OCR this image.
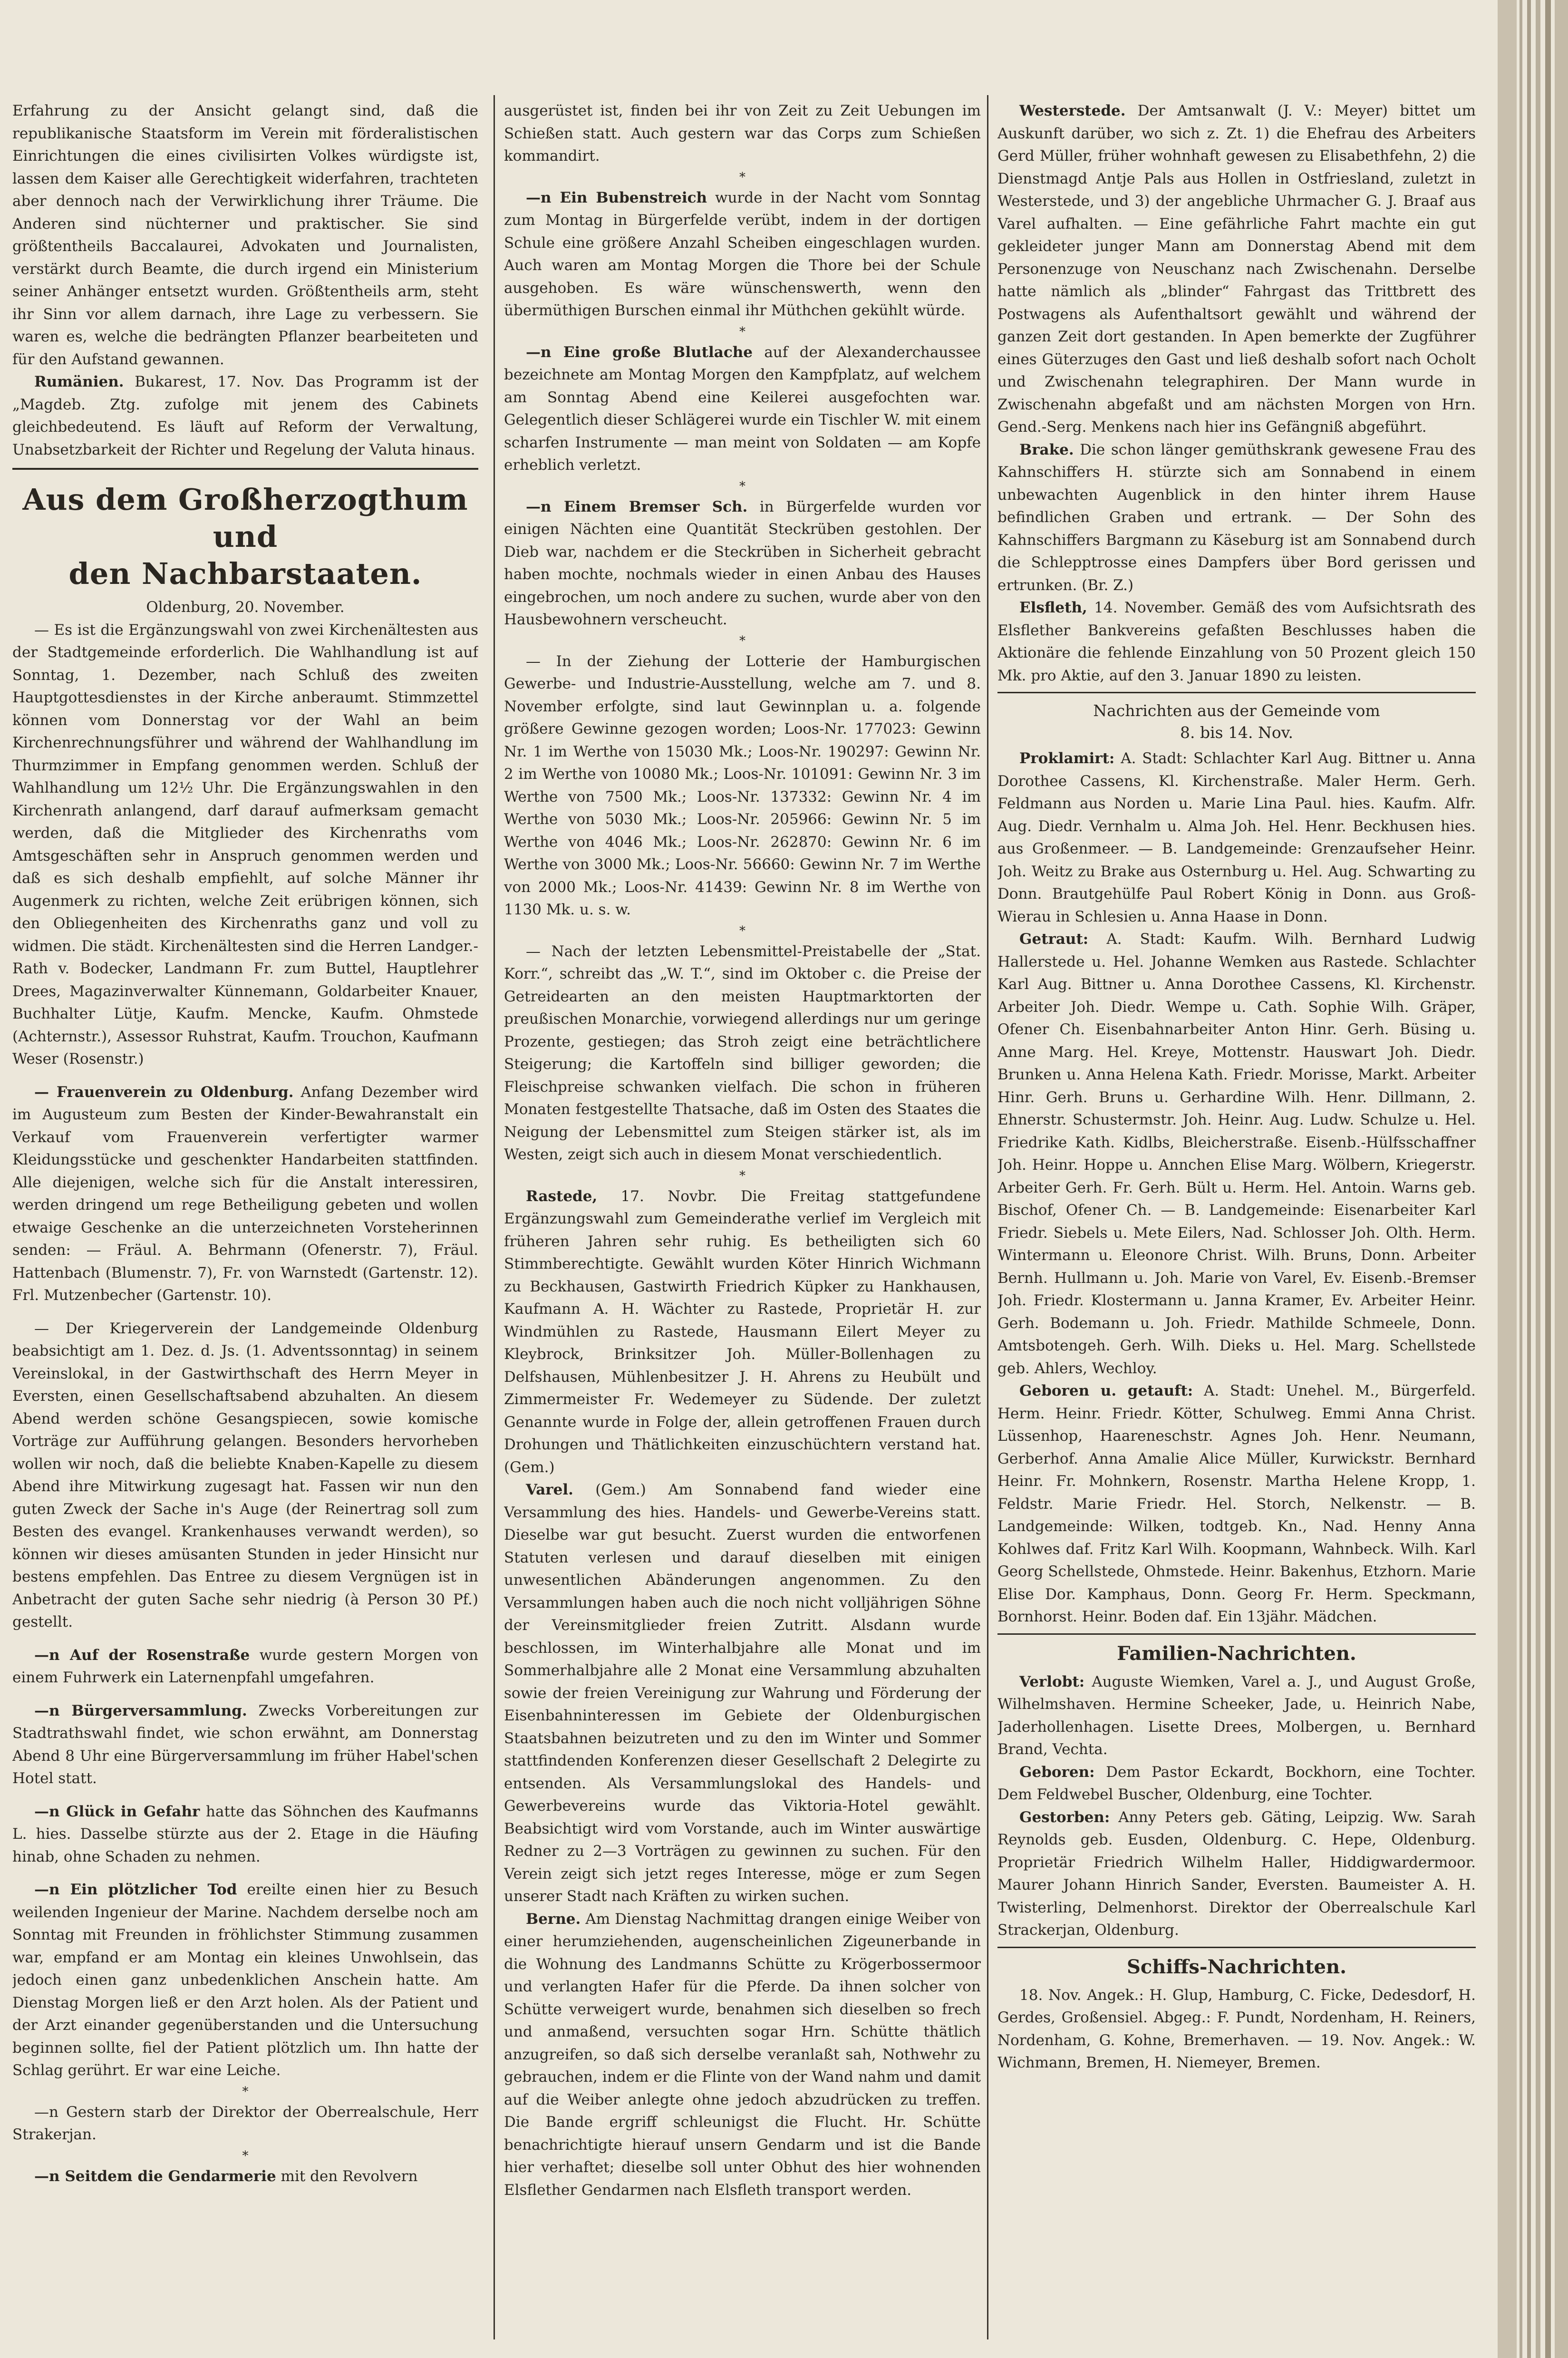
Erfahrung zu der Ansicht gelangt sind, daß die republikanische Staatsform im Verein mit förderalistischen Einrichtungen die eines civilisirten Volkes würdigste ist, lassen dem Kaiser alle Gerechtigkeit widerfahren, trachteten aber dennoch nach der Verwirklichung ihrer Träume. Die Anderen sind nüchterner und praktischer. Sie sind größtentheils Baccalaurei, Advokaten und Journalisten, verstärkt durch Beamte, die durch irgend ein Ministerium seiner Anhänger entsetzt wurden. Größtentheils arm, steht ihr Sinn vor allem darnach, ihre Lage zu verbessern. Sie waren es, welche die bedrängten Pflanzer bearbeiteten und für den Aufstand gewannen.

Rumänien. Bukarest, 17. Nov. Das Programm ist der „Magdeb. Ztg. zufolge mit jenem des Cabinets gleichbedeutend. Es läuft auf Reform der Verwaltung, Unabsetzbarkeit der Richter und Regelung der Valuta hinaus.

Aus dem Großherzogthum und
den Nachbarstaaten.

Oldenburg, 20. November.

— Es ist die Ergänzungswahl von zwei Kirchenältesten aus der Stadtgemeinde erforderlich. Die Wahlhandlung ist auf Sonntag, 1. Dezember, nach Schluß des zweiten Hauptgottesdienstes in der Kirche anberaumt. Stimmzettel können vom Donnerstag vor der Wahl an beim Kirchenrechnungsführer und während der Wahlhandlung im Thurmzimmer in Empfang genommen werden. Schluß der Wahlhandlung um 12½ Uhr. Die Ergänzungswahlen in den Kirchenrath anlangend, darf darauf aufmerksam gemacht werden, daß die Mitglieder des Kirchenraths vom Amtsgeschäften sehr in Anspruch genommen werden und daß es sich deshalb empfiehlt, auf solche Männer ihr Augenmerk zu richten, welche Zeit erübrigen können, sich den Obliegenheiten des Kirchenraths ganz und voll zu widmen. Die städt. Kirchenältesten sind die Herren Landger.-Rath v. Bodecker, Landmann Fr. zum Buttel, Hauptlehrer Drees, Magazinverwalter Künnemann, Goldarbeiter Knauer, Buchhalter Lütje, Kaufm. Mencke, Kaufm. Ohmstede (Achternstr.), Assessor Ruhstrat, Kaufm. Trouchon, Kaufmann Weser (Rosenstr.)

— Frauenverein zu Oldenburg. Anfang Dezember wird im Augusteum zum Besten der Kinder-Bewahranstalt ein Verkauf vom Frauenverein verfertigter warmer Kleidungsstücke und geschenkter Handarbeiten stattfinden. Alle diejenigen, welche sich für die Anstalt interessiren, werden dringend um rege Betheiligung gebeten und wollen etwaige Geschenke an die unterzeichneten Vorsteherinnen senden: — Fräul. A. Behrmann (Ofenerstr. 7), Fräul. Hattenbach (Blumenstr. 7), Fr. von Warnstedt (Gartenstr. 12). Frl. Mutzenbecher (Gartenstr. 10).

— Der Kriegerverein der Landgemeinde Oldenburg beabsichtigt am 1. Dez. d. Js. (1. Adventssonntag) in seinem Vereinslokal, in der Gastwirthschaft des Herrn Meyer in Eversten, einen Gesellschaftsabend abzuhalten. An diesem Abend werden schöne Gesangspiecen, sowie komische Vorträge zur Aufführung gelangen. Besonders hervorheben wollen wir noch, daß die beliebte Knaben-Kapelle zu diesem Abend ihre Mitwirkung zugesagt hat. Fassen wir nun den guten Zweck der Sache in's Auge (der Reinertrag soll zum Besten des evangel. Krankenhauses verwandt werden), so können wir dieses amüsanten Stunden in jeder Hinsicht nur bestens empfehlen. Das Entree zu diesem Vergnügen ist in Anbetracht der guten Sache sehr niedrig (à Person 30 Pf.) gestellt.

—n Auf der Rosenstraße wurde gestern Morgen von einem Fuhrwerk ein Laternenpfahl umgefahren.

—n Bürgerversammlung. Zwecks Vorbereitungen zur Stadtrathswahl findet, wie schon erwähnt, am Donnerstag Abend 8 Uhr eine Bürgerversammlung im früher Habel'schen Hotel statt.

—n Glück in Gefahr hatte das Söhnchen des Kaufmanns L. hies. Dasselbe stürzte aus der 2. Etage in die Häufing hinab, ohne Schaden zu nehmen.

—n Ein plötzlicher Tod ereilte einen hier zu Besuch weilenden Ingenieur der Marine. Nachdem derselbe noch am Sonntag mit Freunden in fröhlichster Stimmung zusammen war, empfand er am Montag ein kleines Unwohlsein, das jedoch einen ganz unbedenklichen Anschein hatte. Am Dienstag Morgen ließ er den Arzt holen. Als der Patient und der Arzt einander gegenüberstanden und die Untersuchung beginnen sollte, fiel der Patient plötzlich um. Ihn hatte der Schlag gerührt. Er war eine Leiche.

*

—n Gestern starb der Direktor der Oberrealschule, Herr Strakerjan.

*

—n Seitdem die Gendarmerie mit den Revolvern

ausgerüstet ist, finden bei ihr von Zeit zu Zeit Uebungen im Schießen statt. Auch gestern war das Corps zum Schießen kommandirt.

*

—n Ein Bubenstreich wurde in der Nacht vom Sonntag zum Montag in Bürgerfelde verübt, indem in der dortigen Schule eine größere Anzahl Scheiben eingeschlagen wurden. Auch waren am Montag Morgen die Thore bei der Schule ausgehoben. Es wäre wünschenswerth, wenn den übermüthigen Burschen einmal ihr Müthchen gekühlt würde.

*

—n Eine große Blutlache auf der Alexanderchaussee bezeichnete am Montag Morgen den Kampfplatz, auf welchem am Sonntag Abend eine Keilerei ausgefochten war. Gelegentlich dieser Schlägerei wurde ein Tischler W. mit einem scharfen Instrumente — man meint von Soldaten — am Kopfe erheblich verletzt.

*

—n Einem Bremser Sch. in Bürgerfelde wurden vor einigen Nächten eine Quantität Steckrüben gestohlen. Der Dieb war, nachdem er die Steckrüben in Sicherheit gebracht haben mochte, nochmals wieder in einen Anbau des Hauses eingebrochen, um noch andere zu suchen, wurde aber von den Hausbewohnern verscheucht.

*

— In der Ziehung der Lotterie der Hamburgischen Gewerbe- und Industrie-Ausstellung, welche am 7. und 8. November erfolgte, sind laut Gewinnplan u. a. folgende größere Gewinne gezogen worden; Loos-Nr. 177023: Gewinn Nr. 1 im Werthe von 15030 Mk.; Loos-Nr. 190297: Gewinn Nr. 2 im Werthe von 10080 Mk.; Loos-Nr. 101091: Gewinn Nr. 3 im Werthe von 7500 Mk.; Loos-Nr. 137332: Gewinn Nr. 4 im Werthe von 5030 Mk.; Loos-Nr. 205966: Gewinn Nr. 5 im Werthe von 4046 Mk.; Loos-Nr. 262870: Gewinn Nr. 6 im Werthe von 3000 Mk.; Loos-Nr. 56660: Gewinn Nr. 7 im Werthe von 2000 Mk.; Loos-Nr. 41439: Gewinn Nr. 8 im Werthe von 1130 Mk. u. s. w.

*

— Nach der letzten Lebensmittel-Preistabelle der „Stat. Korr.“, schreibt das „W. T.“, sind im Oktober c. die Preise der Getreidearten an den meisten Hauptmarktorten der preußischen Monarchie, vorwiegend allerdings nur um geringe Prozente, gestiegen; das Stroh zeigt eine beträchtlichere Steigerung; die Kartoffeln sind billiger geworden; die Fleischpreise schwanken vielfach. Die schon in früheren Monaten festgestellte Thatsache, daß im Osten des Staates die Neigung der Lebensmittel zum Steigen stärker ist, als im Westen, zeigt sich auch in diesem Monat verschiedentlich.

*

Rastede, 17. Novbr. Die Freitag stattgefundene Ergänzungswahl zum Gemeinderathe verlief im Vergleich mit früheren Jahren sehr ruhig. Es betheiligten sich 60 Stimmberechtigte. Gewählt wurden Köter Hinrich Wichmann zu Beckhausen, Gastwirth Friedrich Küpker zu Hankhausen, Kaufmann A. H. Wächter zu Rastede, Proprietär H. zur Windmühlen zu Rastede, Hausmann Eilert Meyer zu Kleybrock, Brinksitzer Joh. Müller-Bollenhagen zu Delfshausen, Mühlenbesitzer J. H. Ahrens zu Heubült und Zimmermeister Fr. Wedemeyer zu Südende. Der zuletzt Genannte wurde in Folge der, allein getroffenen Frauen durch Drohungen und Thätlichkeiten einzuschüchtern verstand hat. (Gem.)

Varel. (Gem.) Am Sonnabend fand wieder eine Versammlung des hies. Handels- und Gewerbe-Vereins statt. Dieselbe war gut besucht. Zuerst wurden die entworfenen Statuten verlesen und darauf dieselben mit einigen unwesentlichen Abänderungen angenommen. Zu den Versammlungen haben auch die noch nicht volljährigen Söhne der Vereinsmitglieder freien Zutritt. Alsdann wurde beschlossen, im Winterhalbjahre alle Monat und im Sommerhalbjahre alle 2 Monat eine Versammlung abzuhalten sowie der freien Vereinigung zur Wahrung und Förderung der Eisenbahninteressen im Gebiete der Oldenburgischen Staatsbahnen beizutreten und zu den im Winter und Sommer stattfindenden Konferenzen dieser Gesellschaft 2 Delegirte zu entsenden. Als Versammlungslokal des Handels- und Gewerbevereins wurde das Viktoria-Hotel gewählt. Beabsichtigt wird vom Vorstande, auch im Winter auswärtige Redner zu 2—3 Vorträgen zu gewinnen zu suchen. Für den Verein zeigt sich jetzt reges Interesse, möge er zum Segen unserer Stadt nach Kräften zu wirken suchen.

Berne. Am Dienstag Nachmittag drangen einige Weiber von einer herumziehenden, augenscheinlichen Zigeunerbande in die Wohnung des Landmanns Schütte zu Krögerbossermoor und verlangten Hafer für die Pferde. Da ihnen solcher von Schütte verweigert wurde, benahmen sich dieselben so frech und anmaßend, versuchten sogar Hrn. Schütte thätlich anzugreifen, so daß sich derselbe veranlaßt sah, Nothwehr zu gebrauchen, indem er die Flinte von der Wand nahm und damit auf die Weiber anlegte ohne jedoch abzudrücken zu treffen. Die Bande ergriff schleunigst die Flucht. Hr. Schütte benachrichtigte hierauf unsern Gendarm und ist die Bande hier verhaftet; dieselbe soll unter Obhut des hier wohnenden Elsflether Gendarmen nach Elsfleth transport werden.

Westerstede. Der Amtsanwalt (J. V.: Meyer) bittet um Auskunft darüber, wo sich z. Zt. 1) die Ehefrau des Arbeiters Gerd Müller, früher wohnhaft gewesen zu Elisabethfehn, 2) die Dienstmagd Antje Pals aus Hollen in Ostfriesland, zuletzt in Westerstede, und 3) der angebliche Uhrmacher G. J. Braaf aus Varel aufhalten. — Eine gefährliche Fahrt machte ein gut gekleideter junger Mann am Donnerstag Abend mit dem Personenzuge von Neuschanz nach Zwischenahn. Derselbe hatte nämlich als „blinder“ Fahrgast das Trittbrett des Postwagens als Aufenthaltsort gewählt und während der ganzen Zeit dort gestanden. In Apen bemerkte der Zugführer eines Güterzuges den Gast und ließ deshalb sofort nach Ocholt und Zwischenahn telegraphiren. Der Mann wurde in Zwischenahn abgefaßt und am nächsten Morgen von Hrn. Gend.-Serg. Menkens nach hier ins Gefängniß abgeführt.

Brake. Die schon länger gemüthskrank gewesene Frau des Kahnschiffers H. stürzte sich am Sonnabend in einem unbewachten Augenblick in den hinter ihrem Hause befindlichen Graben und ertrank. — Der Sohn des Kahnschiffers Bargmann zu Käseburg ist am Sonnabend durch die Schlepptrosse eines Dampfers über Bord gerissen und ertrunken. (Br. Z.)

Elsfleth, 14. November. Gemäß des vom Aufsichtsrath des Elsflether Bankvereins gefaßten Beschlusses haben die Aktionäre die fehlende Einzahlung von 50 Prozent gleich 150 Mk. pro Aktie, auf den 3. Januar 1890 zu leisten.

Nachrichten aus der Gemeinde vom
8. bis 14. Nov.

Proklamirt: A. Stadt: Schlachter Karl Aug. Bittner u. Anna Dorothee Cassens, Kl. Kirchenstraße. Maler Herm. Gerh. Feldmann aus Norden u. Marie Lina Paul. hies. Kaufm. Alfr. Aug. Diedr. Vernhalm u. Alma Joh. Hel. Henr. Beckhusen hies. aus Großenmeer. — B. Landgemeinde: Grenzaufseher Heinr. Joh. Weitz zu Brake aus Osternburg u. Hel. Aug. Schwarting zu Donn. Brautgehülfe Paul Robert König in Donn. aus Groß-Wierau in Schlesien u. Anna Haase in Donn.

Getraut: A. Stadt: Kaufm. Wilh. Bernhard Ludwig Hallerstede u. Hel. Johanne Wemken aus Rastede. Schlachter Karl Aug. Bittner u. Anna Dorothee Cassens, Kl. Kirchenstr. Arbeiter Joh. Diedr. Wempe u. Cath. Sophie Wilh. Gräper, Ofener Ch. Eisenbahnarbeiter Anton Hinr. Gerh. Büsing u. Anne Marg. Hel. Kreye, Mottenstr. Hauswart Joh. Diedr. Brunken u. Anna Helena Kath. Friedr. Morisse, Markt. Arbeiter Hinr. Gerh. Bruns u. Gerhardine Wilh. Henr. Dillmann, 2. Ehnerstr. Schustermstr. Joh. Heinr. Aug. Ludw. Schulze u. Hel. Friedrike Kath. Kidlbs, Bleicherstraße. Eisenb.-Hülfsschaffner Joh. Heinr. Hoppe u. Annchen Elise Marg. Wölbern, Kriegerstr. Arbeiter Gerh. Fr. Gerh. Bült u. Herm. Hel. Antoin. Warns geb. Bischof, Ofener Ch. — B. Landgemeinde: Eisenarbeiter Karl Friedr. Siebels u. Mete Eilers, Nad. Schlosser Joh. Olth. Herm. Wintermann u. Eleonore Christ. Wilh. Bruns, Donn. Arbeiter Bernh. Hullmann u. Joh. Marie von Varel, Ev. Eisenb.-Bremser Joh. Friedr. Klostermann u. Janna Kramer, Ev. Arbeiter Heinr. Gerh. Bodemann u. Joh. Friedr. Mathilde Schmeele, Donn. Amtsbotengeh. Gerh. Wilh. Dieks u. Hel. Marg. Schellstede geb. Ahlers, Wechloy.

Geboren u. getauft: A. Stadt: Unehel. M., Bürgerfeld. Herm. Heinr. Friedr. Kötter, Schulweg. Emmi Anna Christ. Lüssenhop, Haareneschstr. Agnes Joh. Henr. Neumann, Gerberhof. Anna Amalie Alice Müller, Kurwickstr. Bernhard Heinr. Fr. Mohnkern, Rosenstr. Martha Helene Kropp, 1. Feldstr. Marie Friedr. Hel. Storch, Nelkenstr. — B. Landgemeinde: Wilken, todtgeb. Kn., Nad. Henny Anna Kohlwes daf. Fritz Karl Wilh. Koopmann, Wahnbeck. Wilh. Karl Georg Schellstede, Ohmstede. Heinr. Bakenhus, Etzhorn. Marie Elise Dor. Kamphaus, Donn. Georg Fr. Herm. Speckmann, Bornhorst. Heinr. Boden daf. Ein 13jähr. Mädchen.

Familien-Nachrichten.

Verlobt: Auguste Wiemken, Varel a. J., und August Große, Wilhelmshaven. Hermine Scheeker, Jade, u. Heinrich Nabe, Jaderhollenhagen. Lisette Drees, Molbergen, u. Bernhard Brand, Vechta.

Geboren: Dem Pastor Eckardt, Bockhorn, eine Tochter. Dem Feldwebel Buscher, Oldenburg, eine Tochter.

Gestorben: Anny Peters geb. Gäting, Leipzig. Ww. Sarah Reynolds geb. Eusden, Oldenburg. C. Hepe, Oldenburg. Proprietär Friedrich Wilhelm Haller, Hiddigwardermoor. Maurer Johann Hinrich Sander, Eversten. Baumeister A. H. Twisterling, Delmenhorst. Direktor der Oberrealschule Karl Strackerjan, Oldenburg.

Schiffs-Nachrichten.

18. Nov. Angek.: H. Glup, Hamburg, C. Ficke, Dedesdorf, H. Gerdes, Großensiel. Abgeg.: F. Pundt, Nordenham, H. Reiners, Nordenham, G. Kohne, Bremerhaven. — 19. Nov. Angek.: W. Wichmann, Bremen, H. Niemeyer, Bremen.
